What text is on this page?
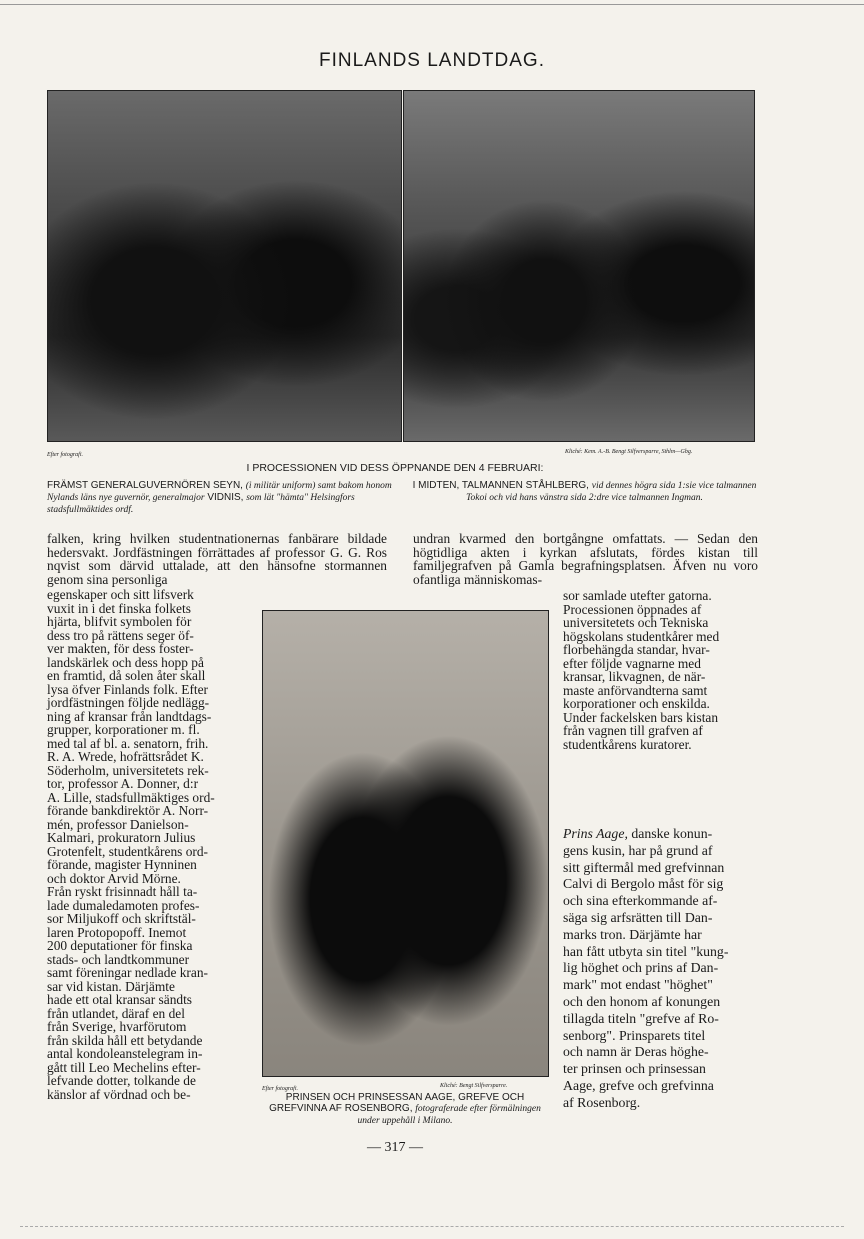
FINLANDS LANDTDAG.
Efter fotografi.	Kliché: Kem. A.-B. Bengt Silfversparre, Sthlm—Gbg.
I PROCESSIONEN VID DESS ÖPPNANDE DEN 4 FEBRUARI:
FRÄMST GENERALGUVERNÖREN SEYN, (i militär uniform) samt bakom honom Nylands läns nye guvernör, generalmajor VIDNIS, som lät "hämta" Helsingfors stadsfullmäktides ordf.
I MIDTEN, TALMANNEN STÅHLBERG, vid dennes högra sida 1:sie vice talmannen Tokoi och vid hans vänstra sida 2:dre vice talmannen Ingman.
falken, kring hvilken studentnationernas fanbärare bildade hedersvakt. Jordfästningen förrättades af professor G. G. Ros nqvist som därvid uttalade, att den hänsofne stormannen genom sina personliga
egenskaper och sitt lifsverk
vuxit in i det finska folkets
hjärta, blifvit symbolen för
dess tro på rättens seger öf-
ver makten, för dess foster-
landskärlek och dess hopp på
en framtid, då solen åter skall
lysa öfver Finlands folk. Efter
jordfästningen följde nedlägg-
ning af kransar från landtdags-
grupper, korporationer m. fl.
med tal af bl. a. senatorn, frih.
R. A. Wrede, hofrättsrådet K.
Söderholm, universitetets rek-
tor, professor A. Donner, d:r
A. Lille, stadsfullmäktiges ord-
förande bankdirektör A. Norr-
mén, professor Danielson-
Kalmari, prokuratorn Julius
Grotenfelt, studentkårens ord-
förande, magister Hynninen
och doktor Arvid Mörne.
Från ryskt frisinnadt håll ta-
lade dumaledamoten profes-
sor Miljukoff och skriftstäl-
laren Protopopoff. Inemot
200 deputationer för finska
stads- och landtkommuner
samt föreningar nedlade kran-
sar vid kistan. Därjämte
hade ett otal kransar sändts
från utlandet, däraf en del
från Sverige, hvarförutom
från skilda håll ett betydande
antal kondoleanstelegram in-
gått till Leo Mechelins efter-
lefvande dotter, tolkande de
känslor af vördnad och be-	Efter fotografi.	Kliché: Bengt Silfversparre.
PRINSEN OCH PRINSESSAN AAGE, GREFVE OCH GREFVINNA AF ROSENBORG, fotograferade efter förmälningen under uppehåll i Milano.
undran kvarmed den bortgångne omfattats. — Sedan den högtidliga akten i kyrkan afslutats, fördes kistan till familjegrafven på Gamla begrafningsplatsen. Äfven nu voro ofantliga människomas-
sor samlade utefter gatorna.
Processionen öppnades af
universitetets och Tekniska
högskolans studentkårer med
florbehängda standar, hvar-
efter följde vagnarne med
kransar, likvagnen, de när-
maste anförvandterna samt
korporationer och enskilda.
Under fackelsken bars kistan
från vagnen till grafven af
studentkårens kuratorer.
Prins Aage, danske konun-
gens kusin, har på grund af
sitt giftermål med grefvinnan
Calvi di Bergolo måst för sig
och sina efterkommande af-
säga sig arfsrätten till Dan-
marks tron. Därjämte har
han fått utbyta sin titel "kung-
lig höghet och prins af Dan-
mark" mot endast "höghet"
och den honom af konungen
tillagda titeln "grefve af Ro-
senborg". Prinsparets titel
och namn är Deras höghe-
ter prinsen och prinsessan
Aage, grefve och grefvinna
af Rosenborg.
— 317 —
